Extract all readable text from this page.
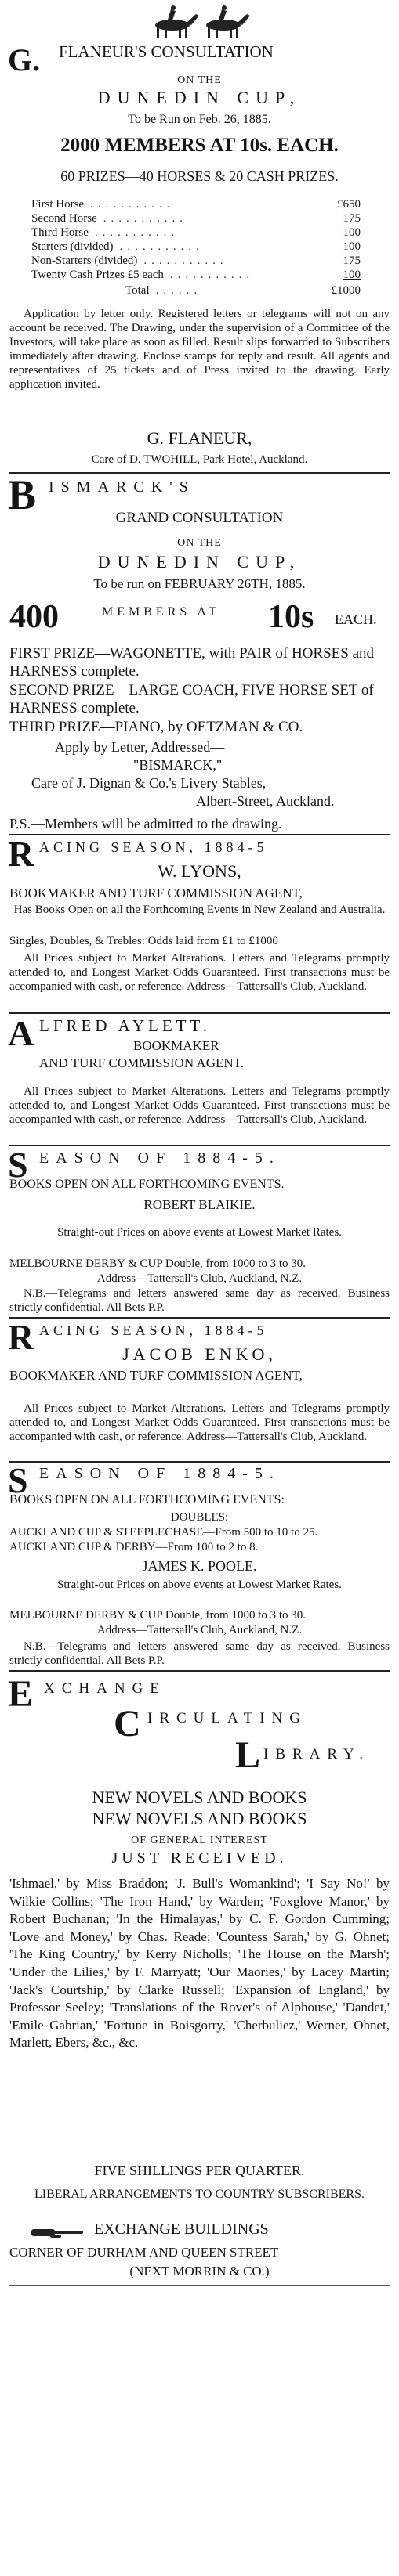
G. FLANEUR'S CONSULTATION
ON THE
DUNEDIN CUP,
To be Run on Feb. 26, 1885.
2000 MEMBERS AT 10s. EACH.
60 PRIZES—40 HORSES & 20 CASH PRIZES.
First Horse ...........	£650
Second Horse ...........	175
Third Horse ...........	100
Starters (divided) ...........	100
Non-Starters (divided) ...........	175
Twenty Cash Prizes £5 each ...........	100
Total ......	£1000
Application by letter only. Registered letters or telegrams will not on any account be received. The Drawing, under the supervision of a Committee of the Investors, will take place as soon as filled. Result slips forwarded to Subscribers immediately after drawing. Enclose stamps for reply and result. All agents and representatives of 25 tickets and of Press invited to the drawing. Early application invited.
G. FLANEUR,
Care of D. TWOHILL, Park Hotel, Auckland.
B ISMARCK'S
GRAND CONSULTATION
ON THE
DUNEDIN CUP,
To be run on FEBRUARY 26TH, 1885.
400	MEMBERS AT 10s EACH.
FIRST PRIZE—WAGONETTE, with PAIR of HORSES and HARNESS complete.
SECOND PRIZE—LARGE COACH, FIVE HORSE SET of HARNESS complete.
THIRD PRIZE—PIANO, by OETZMAN & CO.
Apply by Letter, Addressed—
"BISMARCK,"
Care of J. Dignan & Co.'s Livery Stables,
Albert-Street, Auckland.
P.S.—Members will be admitted to the drawing.
R ACING SEASON, 1884-5
W. LYONS,
BOOKMAKER AND TURF COMMISSION AGENT,
Has Books Open on all the Forthcoming Events in New Zealand and Australia.
Singles, Doubles, & Trebles: Odds laid from £1 to £1000
All Prices subject to Market Alterations. Letters and Telegrams promptly attended to, and Longest Market Odds Guaranteed. First transactions must be accompanied with cash, or reference. Address—Tattersall's Club, Auckland.
A LFRED AYLETT.
BOOKMAKER
AND TURF COMMISSION AGENT.
All Prices subject to Market Alterations. Letters and Telegrams promptly attended to, and Longest Market Odds Guaranteed. First transactions must be accompanied with cash, or reference. Address—Tattersall's Club, Auckland.
S EASON OF 1884-5.
BOOKS OPEN ON ALL FORTHCOMING EVENTS.
ROBERT BLAIKIE.
Straight-out Prices on above events at Lowest Market Rates.
MELBOURNE DERBY & CUP Double, from 1000 to 3 to 30.
Address—Tattersall's Club, Auckland, N.Z.
N.B.—Telegrams and letters answered same day as received. Business strictly confidential. All Bets P.P.
R ACING SEASON, 1884-5
JACOB ENKO,
BOOKMAKER AND TURF COMMISSION AGENT,
All Prices subject to Market Alterations. Letters and Telegrams promptly attended to, and Longest Market Odds Guaranteed. First transactions must be accompanied with cash, or reference. Address—Tattersall's Club, Auckland.
S EASON OF 1884-5.
BOOKS OPEN ON ALL FORTHCOMING EVENTS:
DOUBLES:
AUCKLAND CUP & STEEPLECHASE—From 500 to 10 to 25.
AUCKLAND CUP & DERBY—From 100 to 2 to 8.
JAMES K. POOLE.
Straight-out Prices on above events at Lowest Market Rates.
MELBOURNE DERBY & CUP Double, from 1000 to 3 to 30.
Address—Tattersall's Club, Auckland, N.Z.
N.B.—Telegrams and letters answered same day as received. Business strictly confidential. All Bets P.P.
E XCHANGE
C IRCULATING
L IBRARY.
NEW NOVELS AND BOOKS
NEW NOVELS AND BOOKS
OF GENERAL INTEREST
JUST RECEIVED.
'Ishmael,' by Miss Braddon; 'J. Bull's Womankind'; 'I Say No!' by Wilkie Collins; 'The Iron Hand,' by Warden; 'Foxglove Manor,' by Robert Buchanan; 'In the Himalayas,' by C. F. Gordon Cumming; 'Love and Money,' by Chas. Reade; 'Countess Sarah,' by G. Ohnet; 'The King Country,' by Kerry Nicholls; 'The House on the Marsh'; 'Under the Lilies,' by F. Marryatt; 'Our Maories,' by Lacey Martin; 'Jack's Courtship,' by Clarke Russell; 'Expansion of England,' by Professor Seeley; 'Translations of the Rover's of Alphouse,' 'Dandet,' 'Emile Gabrian,' 'Fortune in Boisgorry,' 'Cherbuliez,' Werner, Ohnet, Marlett, Ebers, &c., &c.
FIVE SHILLINGS PER QUARTER.
LIBERAL ARRANGEMENTS TO COUNTRY SUBSCRIBERS.
EXCHANGE BUILDINGS
CORNER OF DURHAM AND QUEEN STREET
(NEXT MORRIN & CO.)
